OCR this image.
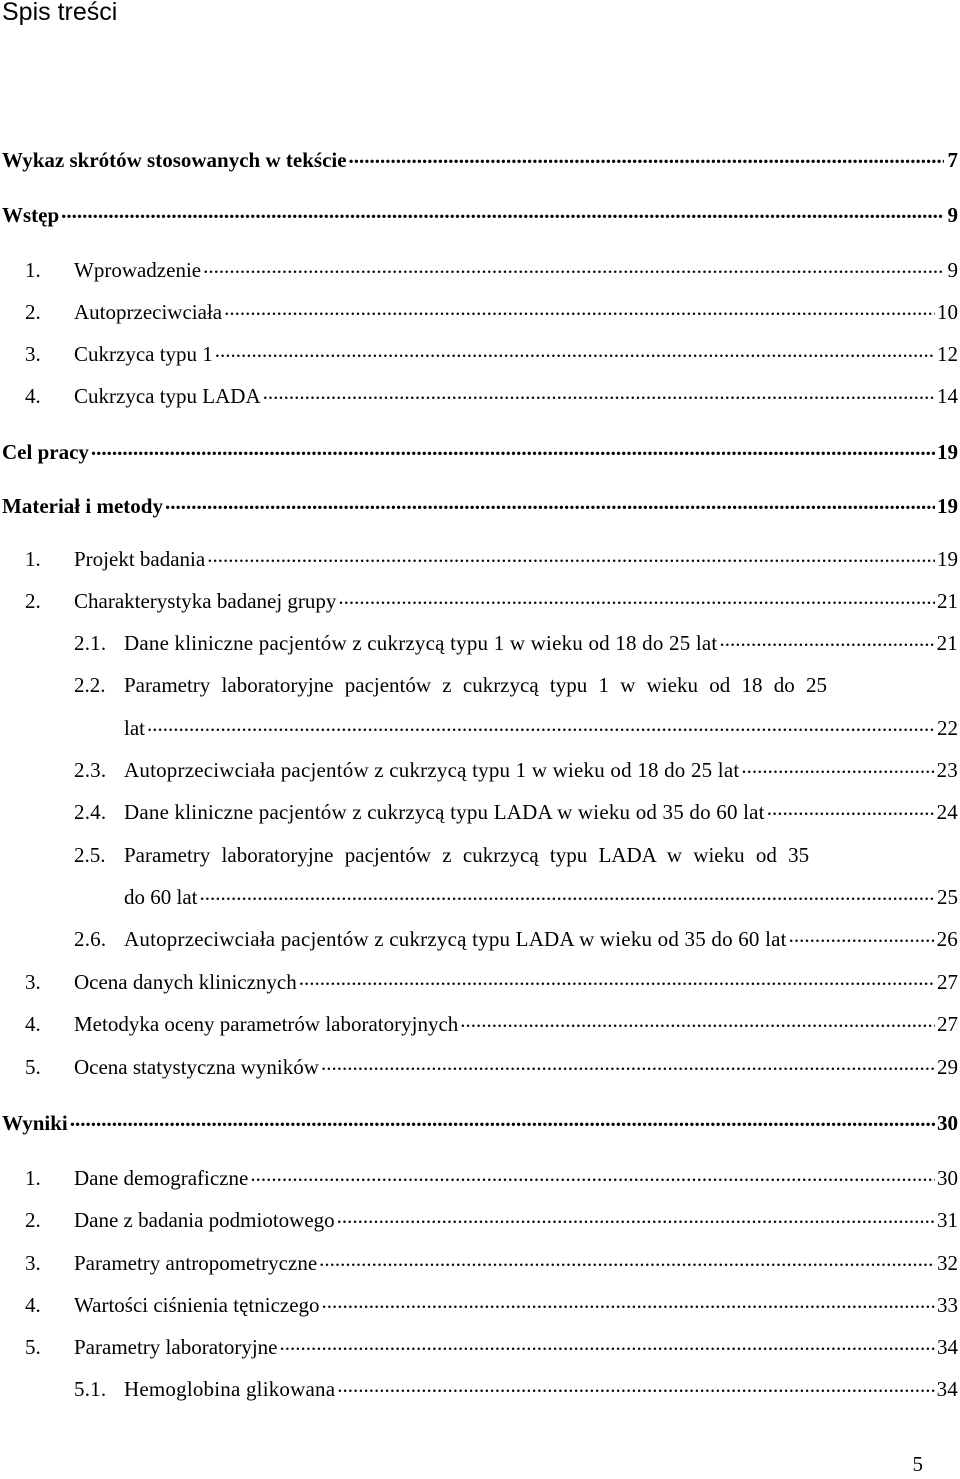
Spis treści
Wykaz skrótów stosowanych w tekście .....	7
Wstęp .....	9
1.	Wprowadzenie .....	9
2.	Autoprzeciwciała .....	10
3.	Cukrzyca typu 1 .....	12
4.	Cukrzyca typu LADA .....	14
Cel pracy .....	19
Materiał i metody .....	19
1.	Projekt badania .....	19
2.	Charakterystyka badanej grupy .....	21
2.1. Dane kliniczne pacjentów z cukrzycą typu 1 w wieku od 18 do 25 lat .....	21
2.2. Parametry laboratoryjne pacjentów z cukrzycą typu 1 w wieku od 18 do 25
lat .....	22
2.3. Autoprzeciwciała pacjentów z cukrzycą typu 1 w wieku od 18 do 25 lat .....	23
2.4. Dane kliniczne pacjentów z cukrzycą typu LADA w wieku od 35 do 60 lat .....	24
2.5. Parametry laboratoryjne pacjentów z cukrzycą typu LADA w wieku od 35
do 60 lat .....	25
2.6. Autoprzeciwciała pacjentów z cukrzycą typu LADA w wieku od 35 do 60 lat .....	26
3.	Ocena danych klinicznych .....	27
4.	Metodyka oceny parametrów laboratoryjnych .....	27
5.	Ocena statystyczna wyników .....	29
Wyniki .....	30
1.	Dane demograficzne .....	30
2.	Dane z badania podmiotowego .....	31
3.	Parametry antropometryczne .....	32
4.	Wartości ciśnienia tętniczego .....	33
5.	Parametry laboratoryjne .....	34
5.1. Hemoglobina glikowana .....	34
5
